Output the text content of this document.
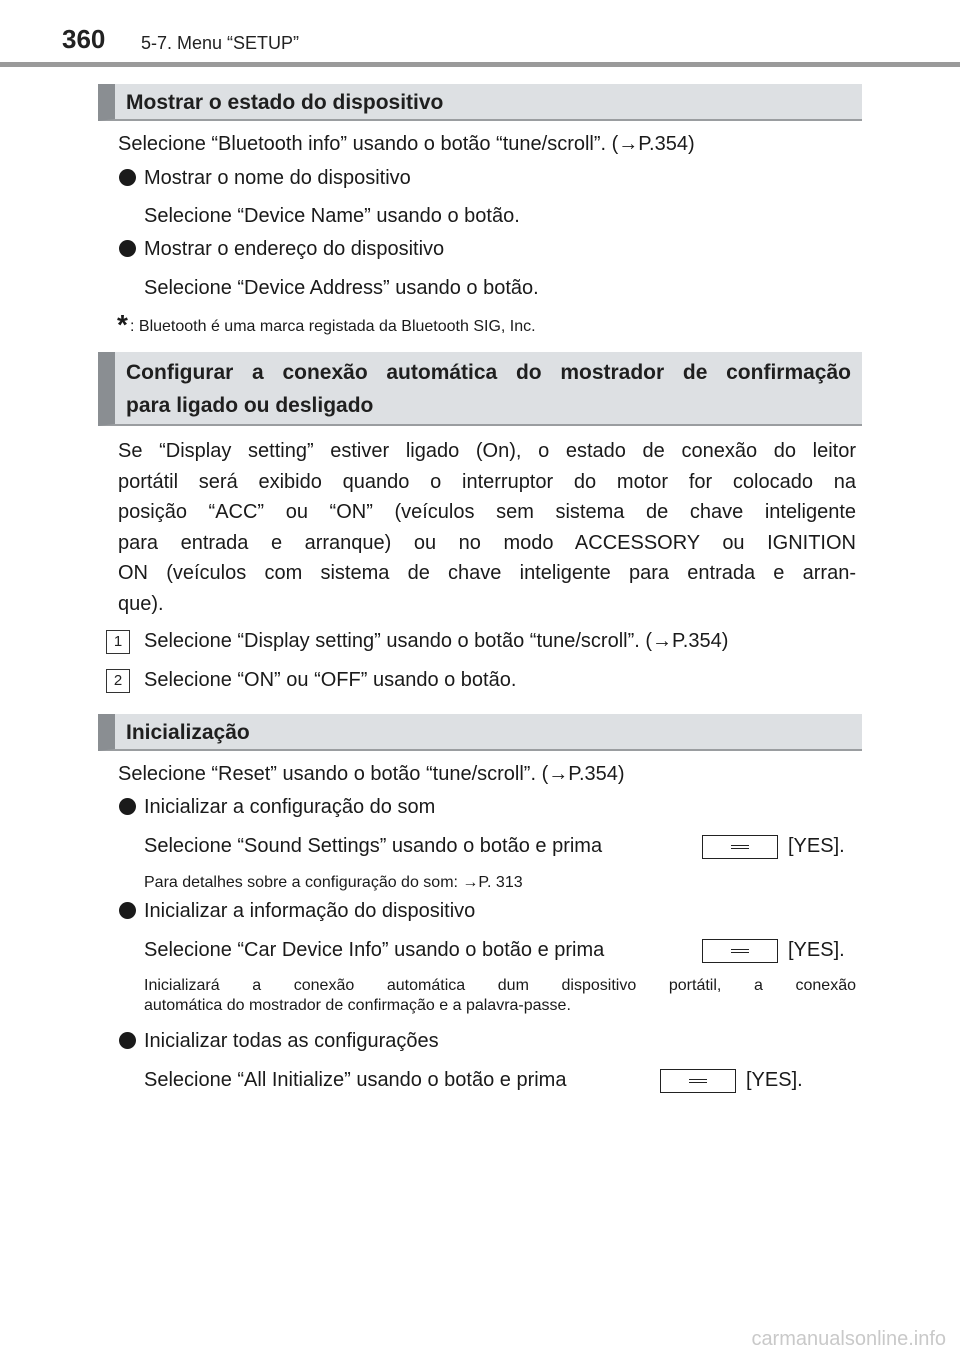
360 5-7. Menu “SETUP”
Mostrar o estado do dispositivo
Selecione “Bluetooth info” usando o botão “tune/scroll”. (→P.354)
Mostrar o nome do dispositivo
Selecione “Device Name” usando o botão.
Mostrar o endereço do dispositivo
Selecione “Device Address” usando o botão.
* : Bluetooth é uma marca registada da Bluetooth SIG, Inc.
Configurar a conexão automática do mostrador de confirmação
para ligado ou desligado
Se “Display setting” estiver ligado (On), o estado de conexão do leitor
portátil será exibido quando o interruptor do motor for colocado na
posição “ACC” ou “ON” (veículos sem sistema de chave inteligente
para entrada e arranque) ou no modo ACCESSORY ou IGNITION
ON (veículos com sistema de chave inteligente para entrada e arran-
que).
1	Selecione “Display setting” usando o botão “tune/scroll”. (→P.354)
2	Selecione “ON” ou “OFF” usando o botão.
Inicialização
Selecione “Reset” usando o botão “tune/scroll”. (→P.354)
Inicializar a configuração do som
Selecione “Sound Settings” usando o botão e prima	[YES].
Para detalhes sobre a configuração do som: →P. 313
Inicializar a informação do dispositivo
Selecione “Car Device Info” usando o botão e prima	[YES].
Inicializará a conexão automática dum dispositivo portátil, a conexão
automática do mostrador de confirmação e a palavra-passe.
Inicializar todas as configurações
Selecione “All Initialize” usando o botão e prima	[YES].
carmanualsonline.info
